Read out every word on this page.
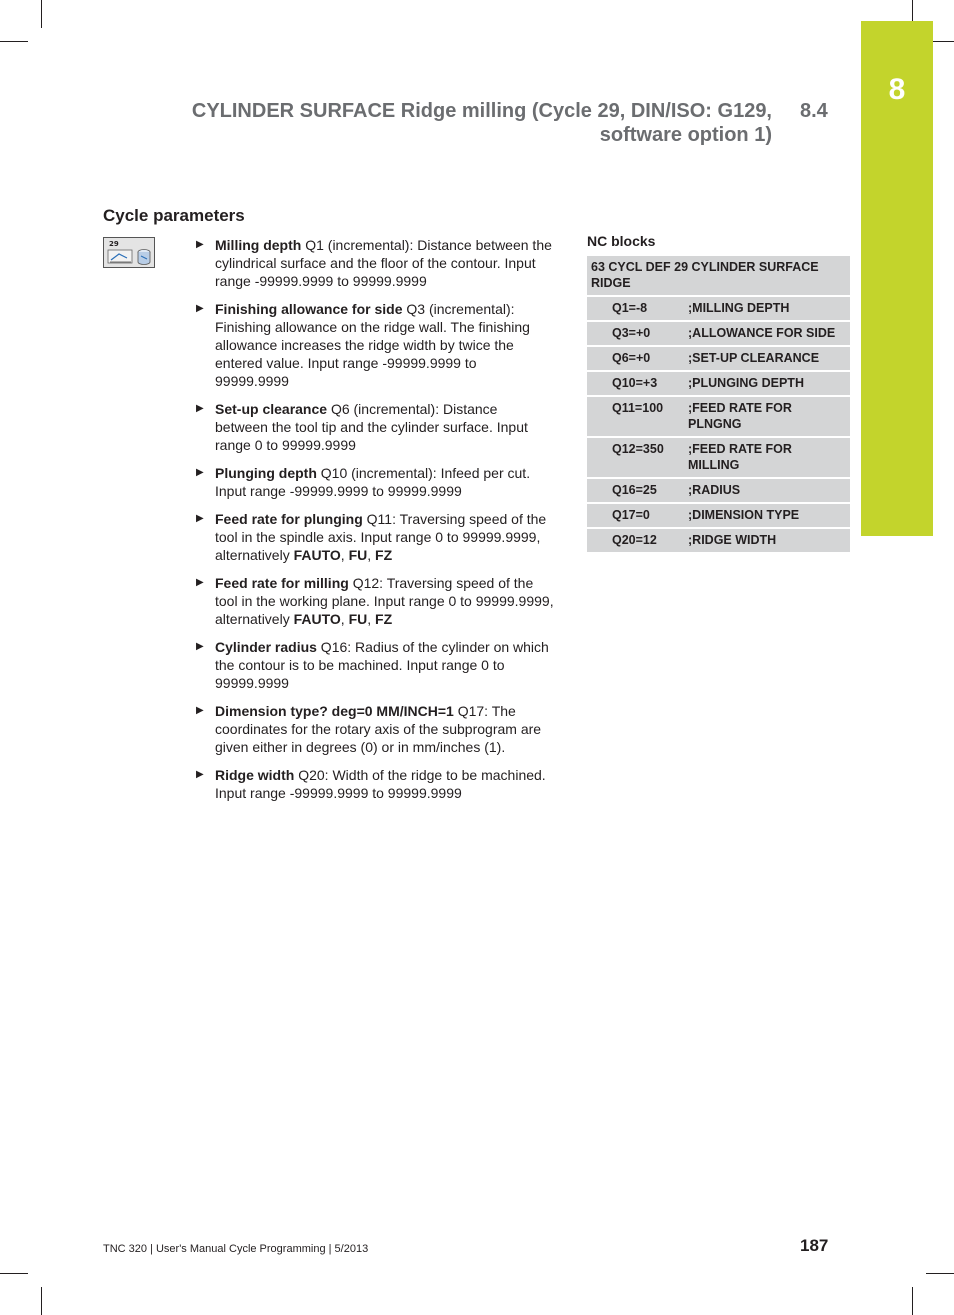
8
CYLINDER SURFACE Ridge milling (Cycle 29, DIN/ISO: G129,
software option 1)
8.4
Cycle parameters
29	▶ Milling depth Q1 (incremental): Distance between the cylindrical surface and the floor of the contour. Input range -99999.9999 to 99999.9999
▶ Finishing allowance for side Q3 (incremental): Finishing allowance on the ridge wall. The finishing allowance increases the ridge width by twice the entered value. Input range -99999.9999 to 99999.9999
▶ Set-up clearance Q6 (incremental): Distance between the tool tip and the cylinder surface. Input range 0 to 99999.9999
▶ Plunging depth Q10 (incremental): Infeed per cut. Input range -99999.9999 to 99999.9999
▶ Feed rate for plunging Q11: Traversing speed of the tool in the spindle axis. Input range 0 to 99999.9999, alternatively FAUTO, FU, FZ
▶ Feed rate for milling Q12: Traversing speed of the tool in the working plane. Input range 0 to 99999.9999, alternatively FAUTO, FU, FZ
▶ Cylinder radius Q16: Radius of the cylinder on which the contour is to be machined. Input range 0 to 99999.9999
▶ Dimension type? deg=0 MM/INCH=1 Q17: The coordinates for the rotary axis of the subprogram are given either in degrees (0) or in mm/inches (1).
▶ Ridge width Q20: Width of the ridge to be machined. Input range -99999.9999 to 99999.9999
NC blocks
63 CYCL DEF 29 CYLINDER SURFACE RIDGE	
Q1=-8	;MILLING DEPTH
Q3=+0	;ALLOWANCE FOR SIDE
Q6=+0	;SET-UP CLEARANCE
Q10=+3	;PLUNGING DEPTH
Q11=100	;FEED RATE FOR PLNGNG
Q12=350	;FEED RATE FOR MILLING
Q16=25	;RADIUS
Q17=0	;DIMENSION TYPE
Q20=12	;RIDGE WIDTH
TNC 320 | User's Manual Cycle Programming | 5/2013	187
